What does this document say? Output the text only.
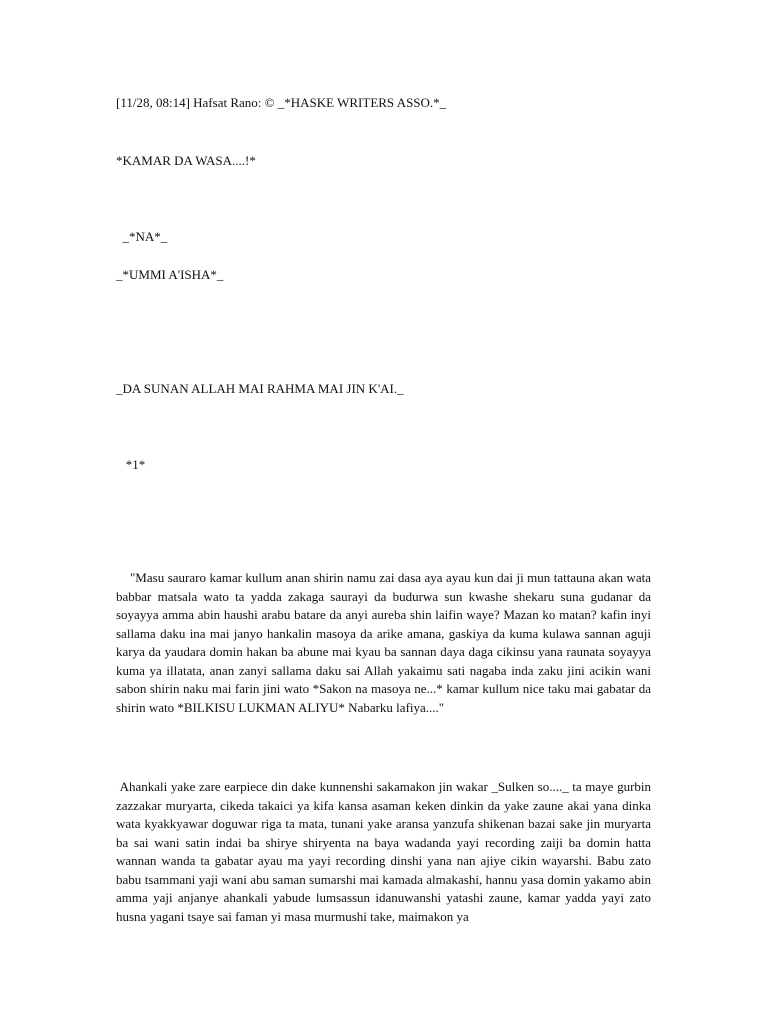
[11/28, 08:14] Hafsat Rano: © _*HASKE WRITERS ASSO.*_
*KAMAR DA WASA....!*
_*NA*_
_*UMMI A'ISHA*_
_DA SUNAN ALLAH MAI RAHMA MAI JIN K'AI._
*1*

"Masu sauraro kamar kullum anan shirin namu zai dasa aya ayau kun dai ji mun tattauna akan wata babbar matsala wato ta yadda zakaga saurayi da budurwa sun kwashe shekaru suna gudanar da soyayya amma abin haushi arabu batare da anyi aureba shin laifin waye? Mazan ko matan? kafin inyi sallama daku ina mai janyo hankalin masoya da arike amana, gaskiya da kuma kulawa sannan aguji karya da yaudara domin hakan ba abune mai kyau ba sannan daya daga cikinsu yana raunata soyayya kuma ya illatata, anan zanyi sallama daku sai Allah yakaimu sati nagaba inda zaku jini acikin wani sabon shirin naku mai farin jini wato *Sakon na masoya ne...* kamar kullum nice taku mai gabatar da shirin wato *BILKISU LUKMAN ALIYU* Nabarku lafiya...."

Ahankali yake zare earpiece din dake kunnenshi sakamakon jin wakar _Sulken so...._ ta maye gurbin zazzakar muryarta, cikeda takaici ya kifa kansa asaman keken dinkin da yake zaune akai yana dinka wata kyakkyawar doguwar riga ta mata, tunani yake aransa yanzufa shikenan bazai sake jin muryarta ba sai wani satin indai ba shirye shiryenta na baya wadanda yayi recording zaiji ba domin hatta wannan wanda ta gabatar ayau ma yayi recording dinshi yana nan ajiye cikin wayarshi. Babu zato babu tsammani yaji wani abu saman sumarshi mai kamada almakashi, hannu yasa domin yakamo abin amma yaji anjanye ahankali yabude lumsassun idanuwanshi yatashi zaune, kamar yadda yayi zato husna yagani tsaye sai faman yi masa murmushi take, maimakon ya
